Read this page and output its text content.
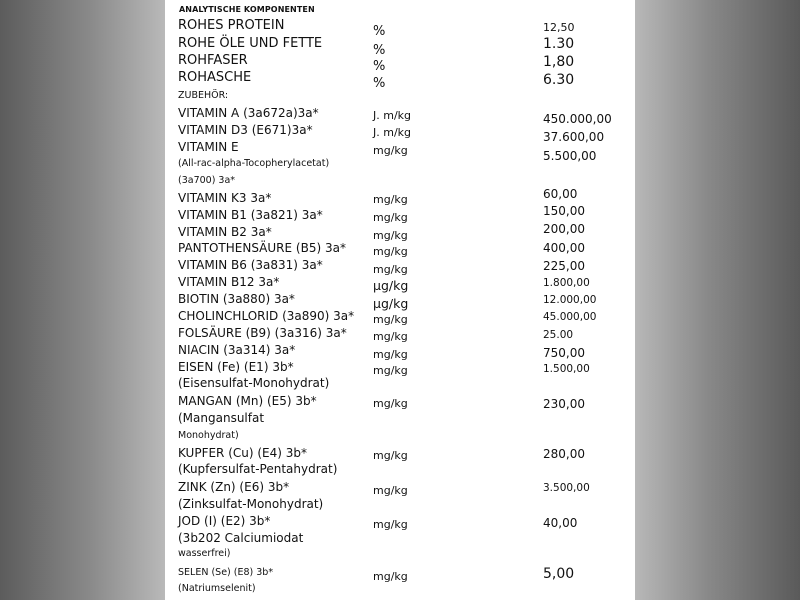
ANALYTISCHE KOMPONENTEN
ROHES PROTEIN	%	12,50
ROHE ÖLE UND FETTE	%	1.30
ROHFASER	%	1,80
ROHASCHE	%	6.30
ZUBEHÖR:
VITAMIN A (3a672a)3a*	J. m/kg	450.000,00
VITAMIN D3 (E671)3a*	J. m/kg	37.600,00
VITAMIN E	mg/kg	5.500,00
(All-rac-alpha-Tocopherylacetat)
(3a700) 3a*
VITAMIN K3 3a*	mg/kg	60,00
VITAMIN B1 (3a821) 3a*	mg/kg	150,00
VITAMIN B2 3a*	mg/kg	200,00
PANTOTHENSÄURE (B5) 3a* mg/kg	400,00
VITAMIN B6 (3a831) 3a*	mg/kg	225,00
VITAMIN B12 3a*	µg/kg	1.800,00
BIOTIN (3a880) 3a*	µg/kg	12.000,00
CHOLINCHLORID (3a890) 3a* mg/kg	45.000,00
FOLSÄURE (B9) (3a316) 3a* mg/kg	25.00
NIACIN (3a314) 3a*	mg/kg	750,00
EISEN (Fe) (E1) 3b*	mg/kg	1.500,00
(Eisensulfat-Monohydrat)
MANGAN (Mn) (E5) 3b*	mg/kg	230,00
(Mangansulfat
Monohydrat)
KUPFER (Cu) (E4) 3b*	mg/kg	280,00
(Kupfersulfat-Pentahydrat)
ZINK (Zn) (E6) 3b*	mg/kg	3.500,00
(Zinksulfat-Monohydrat)
JOD (I) (E2) 3b*	mg/kg	40,00
(3b202 Calciumiodat
wasserfrei)
SELEN (Se) (E8) 3b*	mg/kg	5,00
(Natriumselenit)
